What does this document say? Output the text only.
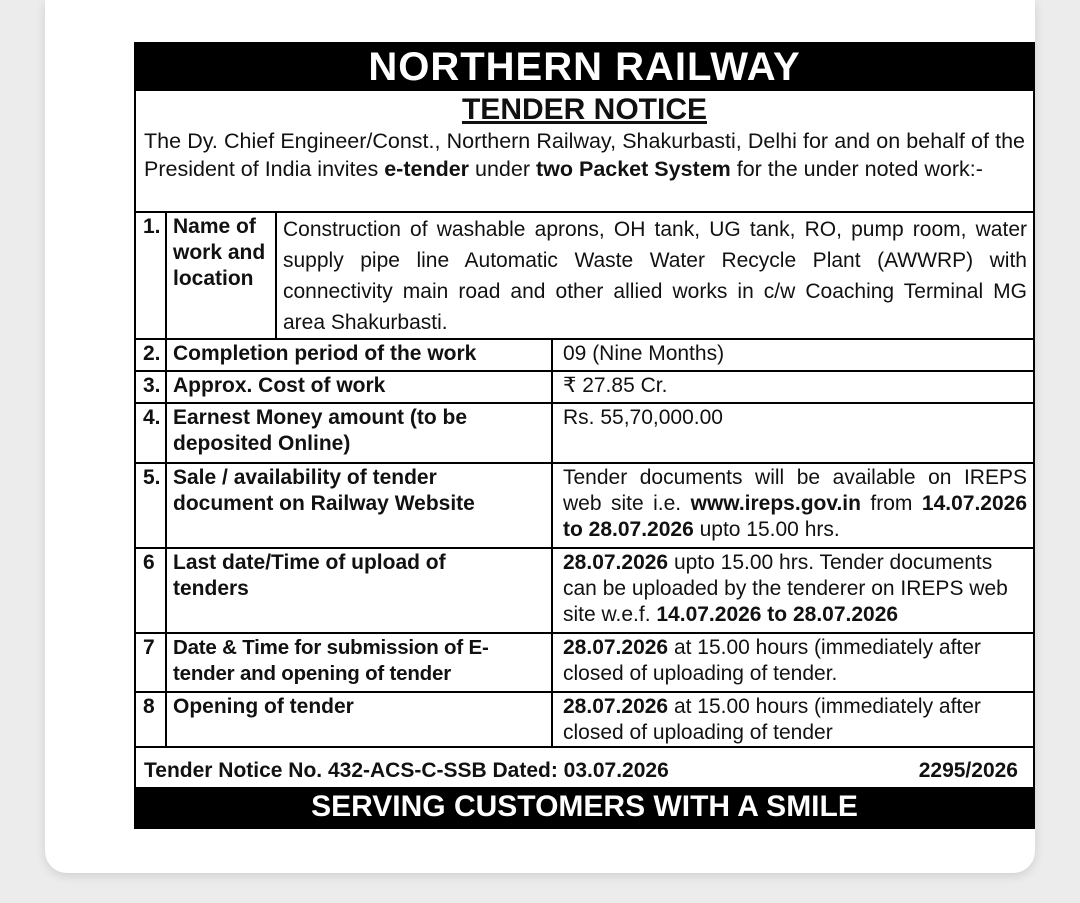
NORTHERN RAILWAY
TENDER NOTICE
The Dy. Chief Engineer/Const., Northern Railway, Shakurbasti, Delhi for and on behalf of the President of India invites e-tender under two Packet System for the under noted work:-
1.	Name of work and location	Construction of washable aprons, OH tank, UG tank, RO, pump room, water supply pipe line Automatic Waste Water Recycle Plant (AWWRP) with connectivity main road and other allied works in c/w Coaching Terminal MG area Shakurbasti.	
2.	Completion period of the work		09 (Nine Months)
3.	Approx. Cost of work		₹ 27.85 Cr.
4.	Earnest Money amount (to be deposited Online)		Rs. 55,70,000.00
5.	Sale / availability of tender document on Railway Website		Tender documents will be available on IREPS web site i.e. www.ireps.gov.in from 14.07.2026 to 28.07.2026 upto 15.00 hrs.
6	Last date/Time of upload of tenders		28.07.2026 upto 15.00 hrs. Tender documents can be uploaded by the tenderer on IREPS web site w.e.f. 14.07.2026 to 28.07.2026
7	Date & Time for submission of E-tender and opening of tender		28.07.2026 at 15.00 hours (immediately after closed of uploading of tender.
8	Opening of tender		28.07.2026 at 15.00 hours (immediately after closed of uploading of tender
Tender Notice No. 432-ACS-C-SSB Dated: 03.07.2026	2295/2026
SERVING CUSTOMERS WITH A SMILE
